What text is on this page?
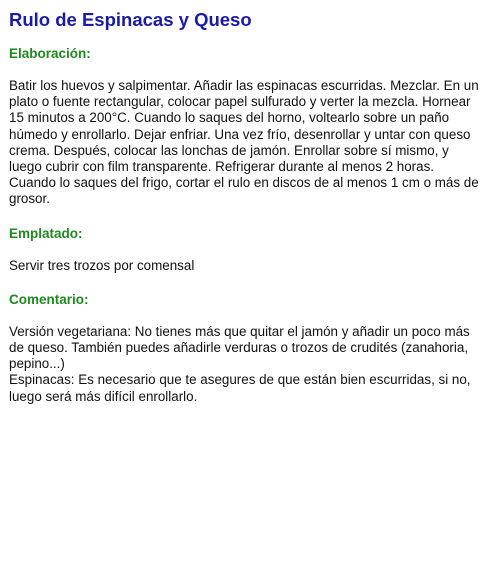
Rulo de Espinacas y Queso
Elaboración:

Batir los huevos y salpimentar. Añadir las espinacas escurridas. Mezclar. En un plato o fuente rectangular, colocar papel sulfurado y verter la mezcla. Hornear 15 minutos a 200°C. Cuando lo saques del horno, voltearlo sobre un paño húmedo y enrollarlo. Dejar enfriar. Una vez frío, desenrollar y untar con queso crema. Después, colocar las lonchas de jamón. Enrollar sobre sí mismo, y luego cubrir con film transparente. Refrigerar durante al menos 2 horas. Cuando lo saques del frigo, cortar el rulo en discos de al menos 1 cm o más de grosor.

Emplatado:

Servir tres trozos por comensal

Comentario:

Versión vegetariana: No tienes más que quitar el jamón y añadir un poco más de queso. También puedes añadirle verduras o trozos de crudités (zanahoria, pepino...)

Espinacas: Es necesario que te asegures de que están bien escurridas, si no, luego será más difícil enrollarlo.
